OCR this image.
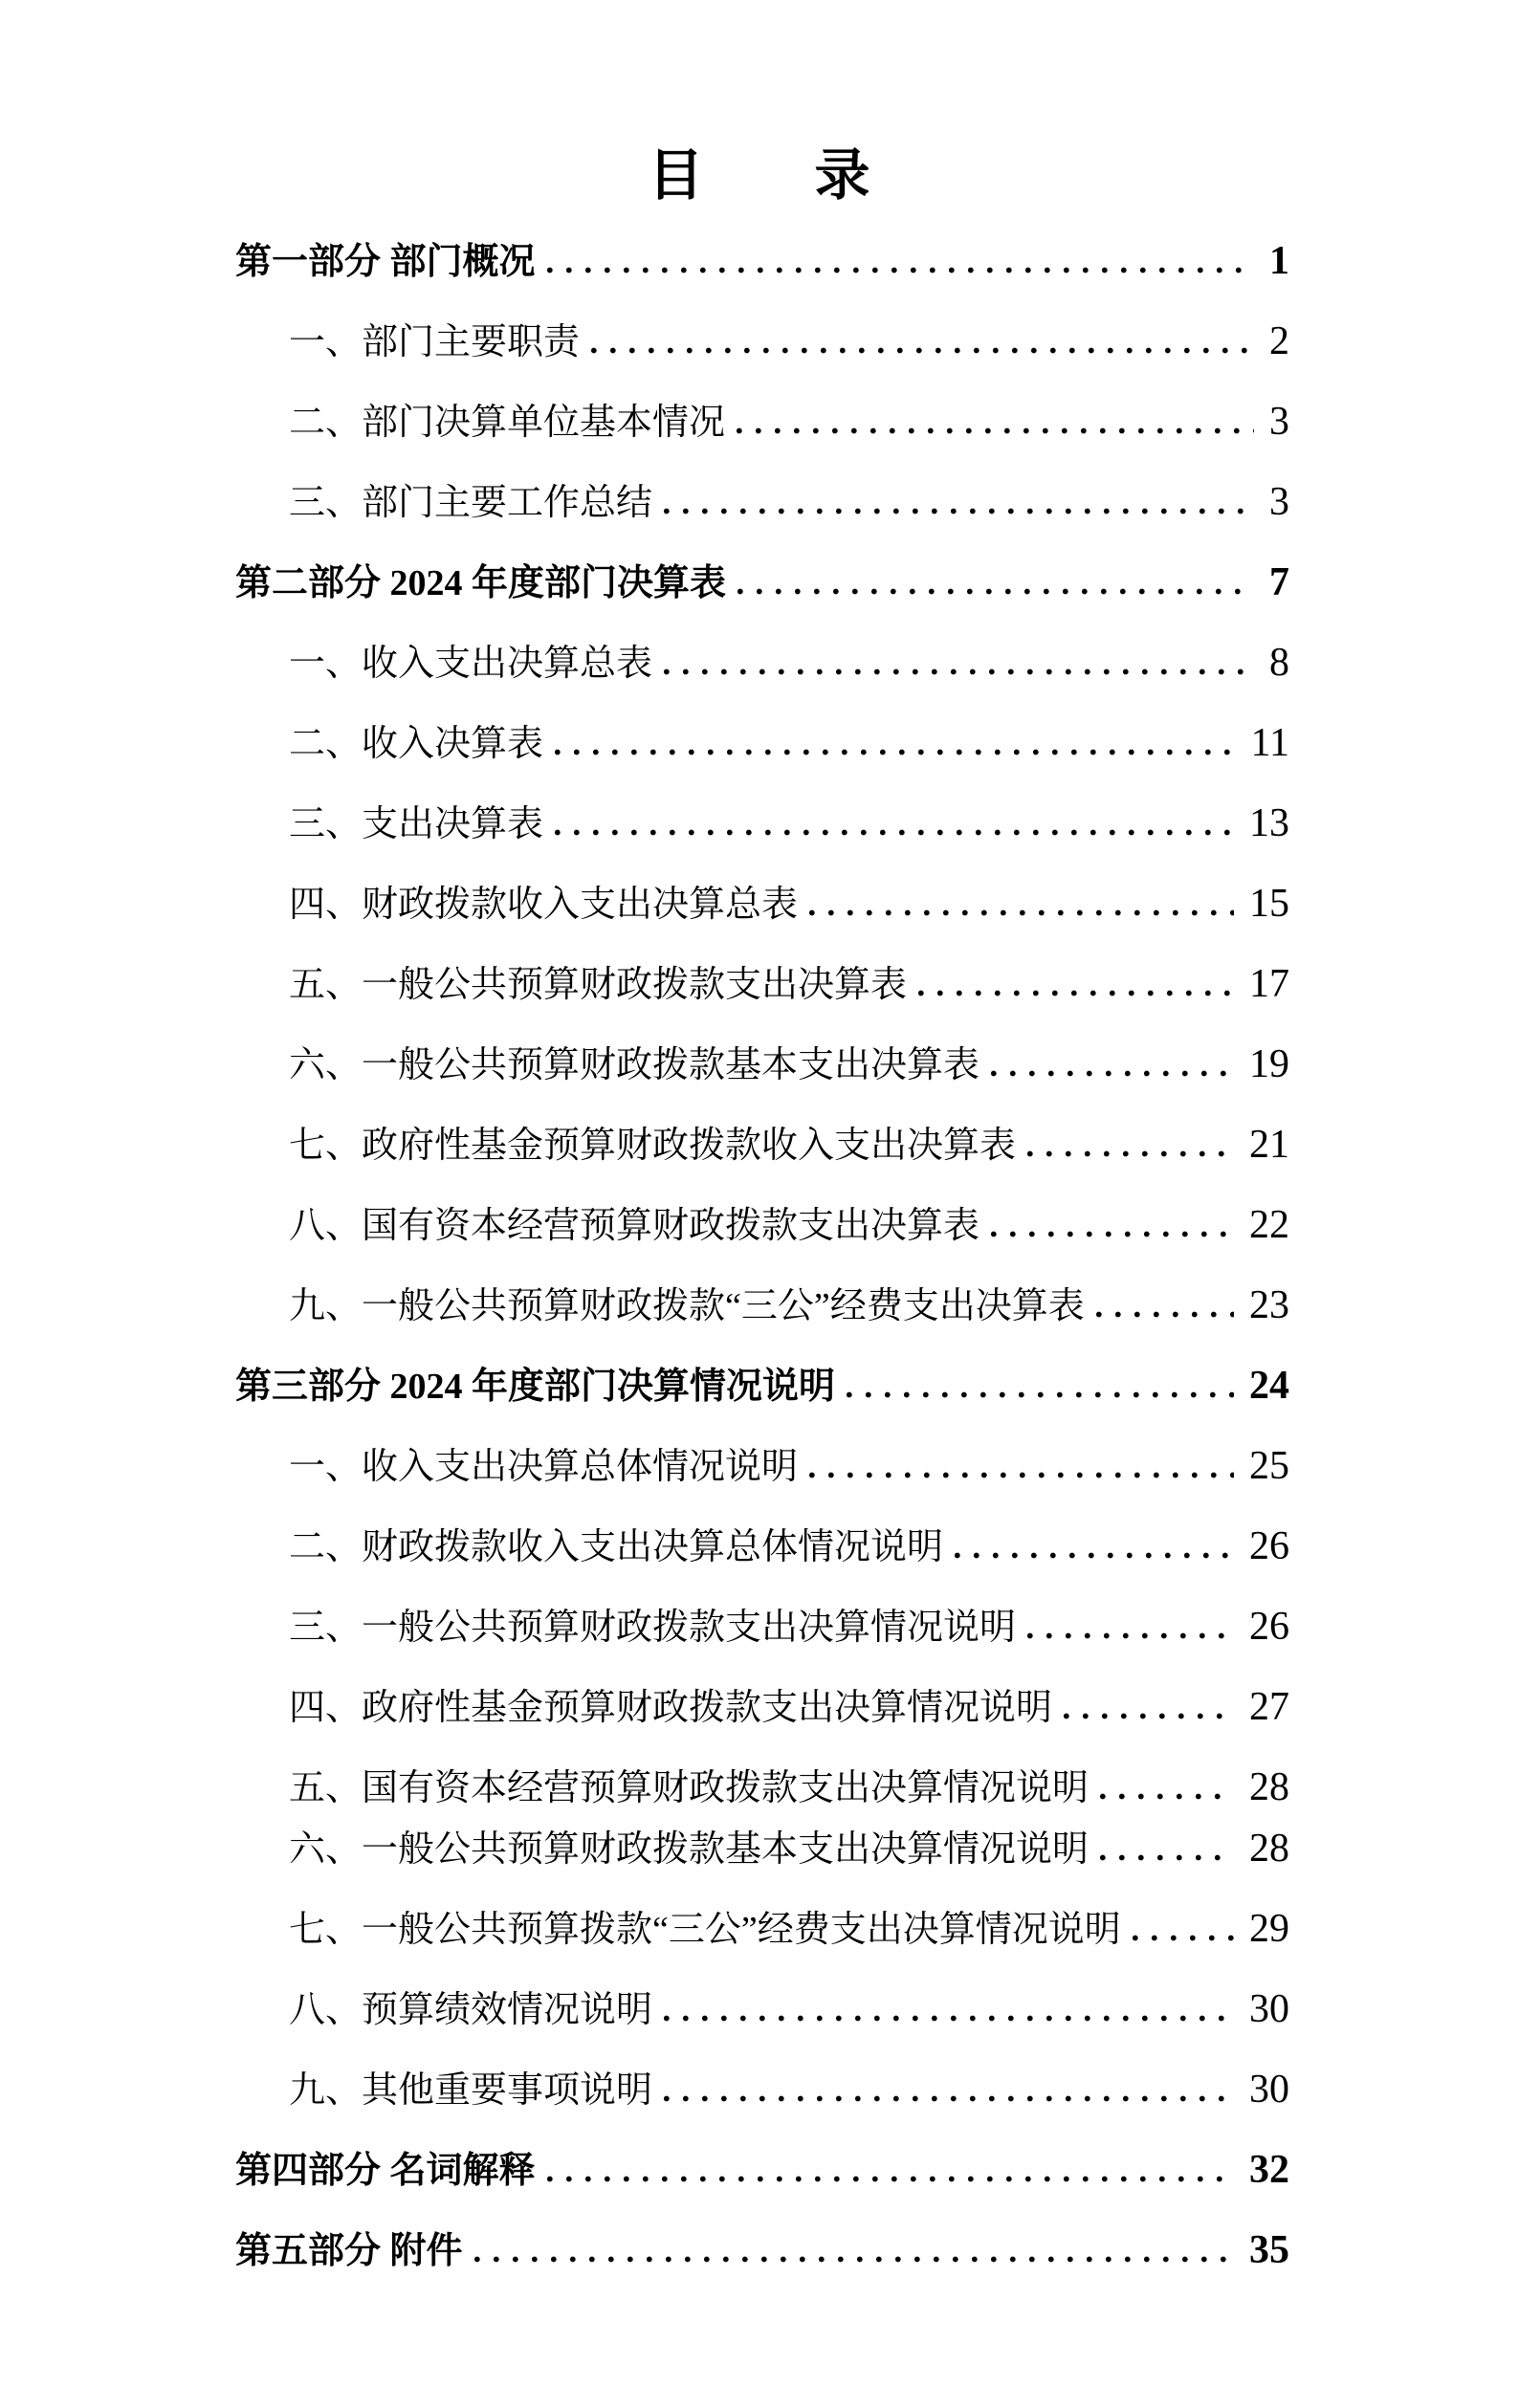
目　　录
第一部分 部门概况	1
一、部门主要职责	2
二、部门决算单位基本情况	3
三、部门主要工作总结	3
第二部分 2024 年度部门决算表	7
一、收入支出决算总表	8
二、收入决算表	11
三、支出决算表	13
四、财政拨款收入支出决算总表	15
五、一般公共预算财政拨款支出决算表	17
六、一般公共预算财政拨款基本支出决算表	19
七、政府性基金预算财政拨款收入支出决算表	21
八、国有资本经营预算财政拨款支出决算表	22
九、一般公共预算财政拨款“三公”经费支出决算表	23
第三部分 2024 年度部门决算情况说明	24
一、收入支出决算总体情况说明	25
二、财政拨款收入支出决算总体情况说明	26
三、一般公共预算财政拨款支出决算情况说明	26
四、政府性基金预算财政拨款支出决算情况说明	27
五、国有资本经营预算财政拨款支出决算情况说明	28
六、一般公共预算财政拨款基本支出决算情况说明	28
七、一般公共预算拨款“三公”经费支出决算情况说明	29
八、预算绩效情况说明	30
九、其他重要事项说明	30
第四部分 名词解释	32
第五部分 附件	35
